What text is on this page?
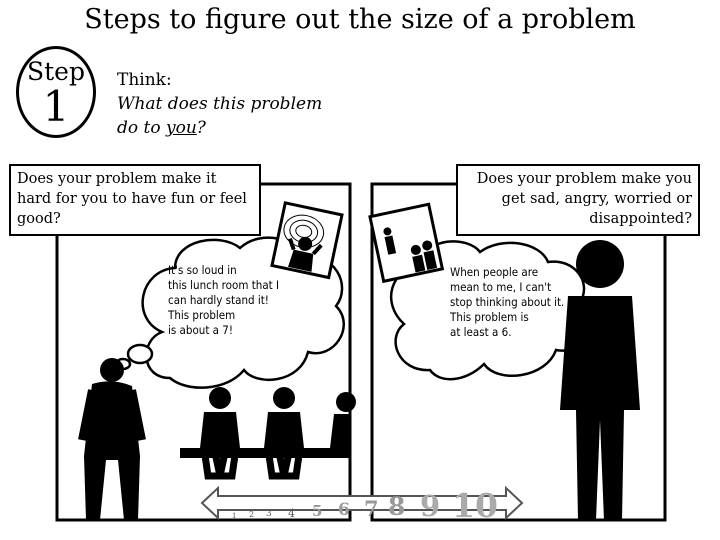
Steps to figure out the size of a problem
Step
1
Think:
What does this problem
do to you?
Does your problem make it hard for you to have fun or feel good?
Does your problem make you get sad, angry, worried or disappointed?
It's so loud in
this lunch room that I
can hardly stand it!
This problem
is about a 7!
When people are
mean to me, I can't
stop thinking about it.
This problem is
at least a 6.
1 2 3 4 5 6 7 8 9 10
